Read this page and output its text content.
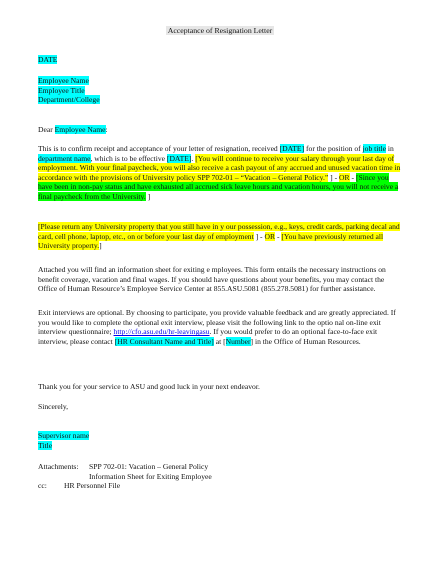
Acceptance of Resignation Letter
DATE
Employee Name
Employee Title
Department/College
Dear Employee Name:

This is to confirm receipt and acceptance of your letter of resignation, received [DATE] for the position of job title in department name, which is to be effective [DATE]. [You will continue to receive your salary through your last day of employment. With your final paycheck, you will also receive a cash payout of any accrued and unused vacation time in accordance with the provisions of University policy SPP 702-01 – “Vacation – General Policy.” ] - OR - [Since you have been in non-pay status and have exhausted all accrued sick leave hours and vacation hours, you will not receive a final paycheck from the University. ]

[Please return any University property that you still have in y our possession, e.g., keys, credit cards, parking decal and card, cell phone, laptop, etc., on or before your last day of employment ] - OR - [You have previously returned all University property.]

Attached you will find an information sheet for exiting e mployees. This form entails the necessary instructions on benefit coverage, vacation and final wages. If you should have questions about your benefits, you may contact the Office of Human Resource’s Employee Service Center at 855.ASU.5081 (855.278.5081) for further assistance.

Exit interviews are optional. By choosing to participate, you provide valuable feedback and are greatly appreciated. If you would like to complete the optional exit interview, please visit the following link to the optio nal on-line exit interview questionnaire; http://cfo.asu.edu/hr-leavingasu. If you would prefer to do an optional face-to-face exit interview, please contact [HR Consultant Name and Title] at [Number] in the Office of Human Resources.

Thank you for your service to ASU and good luck in your next endeavor.

Sincerely,

Supervisor name
Title
Attachments:	SPP 702-01: Vacation – General Policy
Information Sheet for Exiting Employee
cc:	HR Personnel File
